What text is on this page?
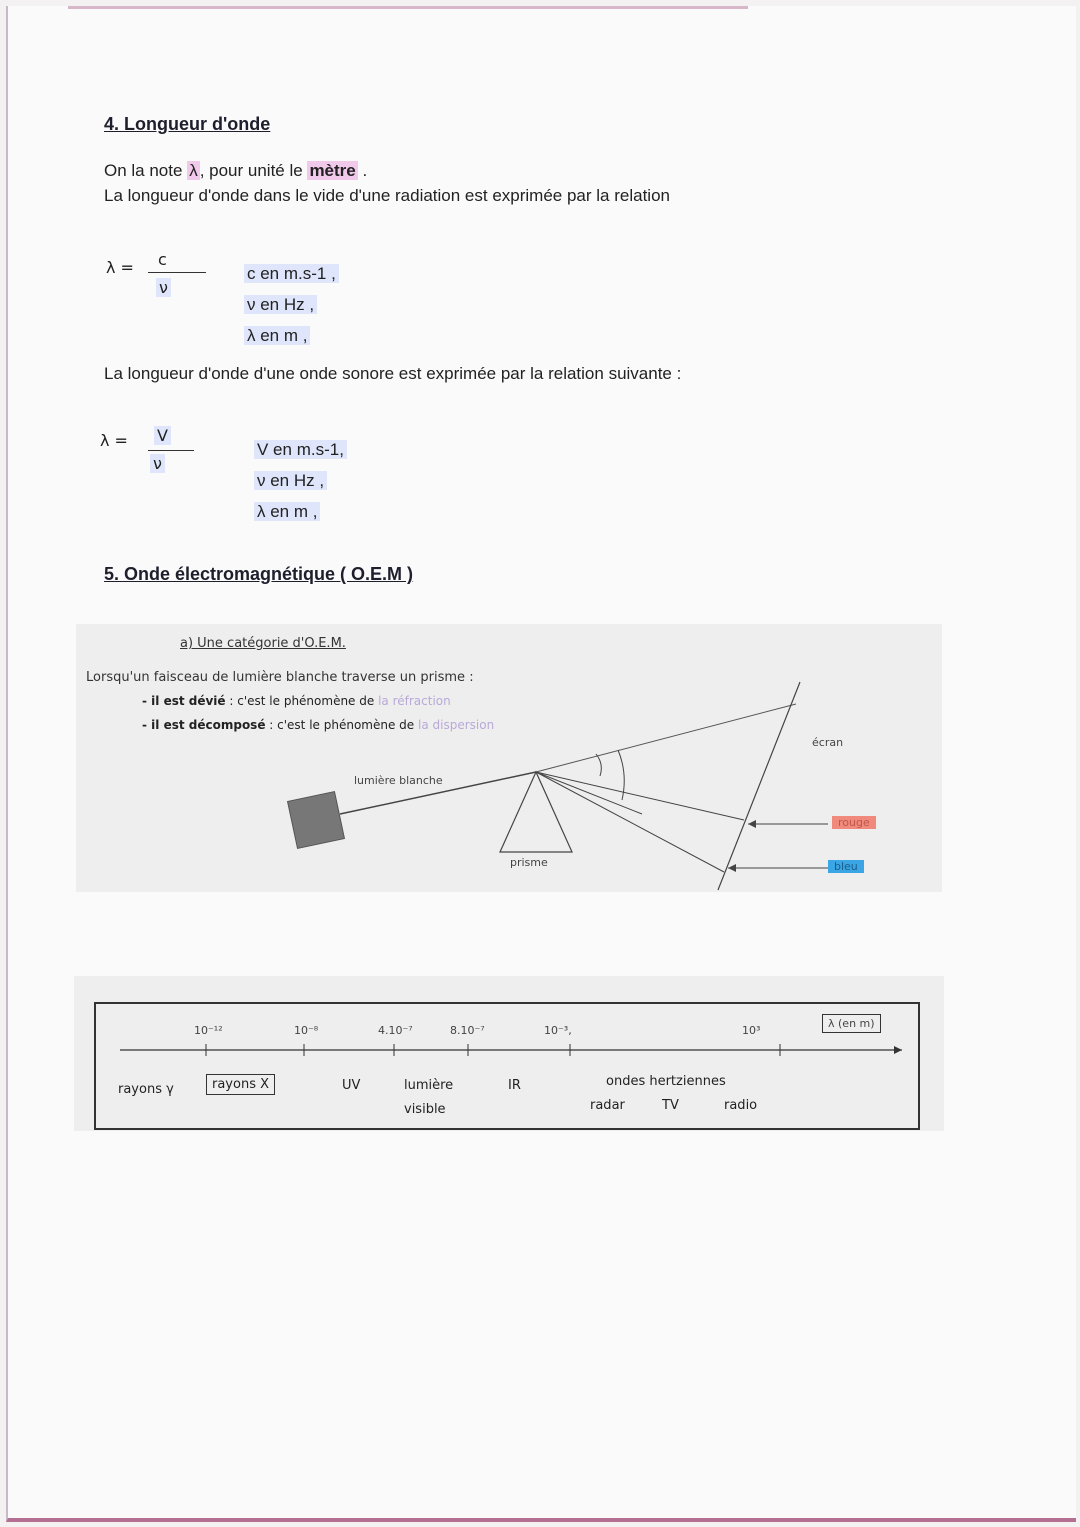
4. Longueur d'onde
On la note λ , pour unité le mètre .
La longueur d'onde dans le vide d'une radiation est exprimée par la relation
λ = c
ν
c en m.s-1 ,
ν en Hz ,
λ en m ,
La longueur d'onde d'une onde sonore est exprimée par la relation suivante :
λ = V
ν
V en m.s-1,
ν en Hz ,
λ en m ,
5. Onde électromagnétique ( O.E.M )
a) Une catégorie d'O.E.M.
Lorsqu'un faisceau de lumière blanche traverse un prisme :
- il est dévié : c'est le phénomène de la réfraction
- il est décomposé : c'est le phénomène de la dispersion
lumière blanche
prisme
écran
rouge
bleu
10⁻¹²	10⁻⁸	4.10⁻⁷	8.10⁻⁷	10⁻³,	10³
λ (en m)
rayons γ	rayons X	UV	lumière
visible
IR	ondes hertziennes
radar	TV	radio
